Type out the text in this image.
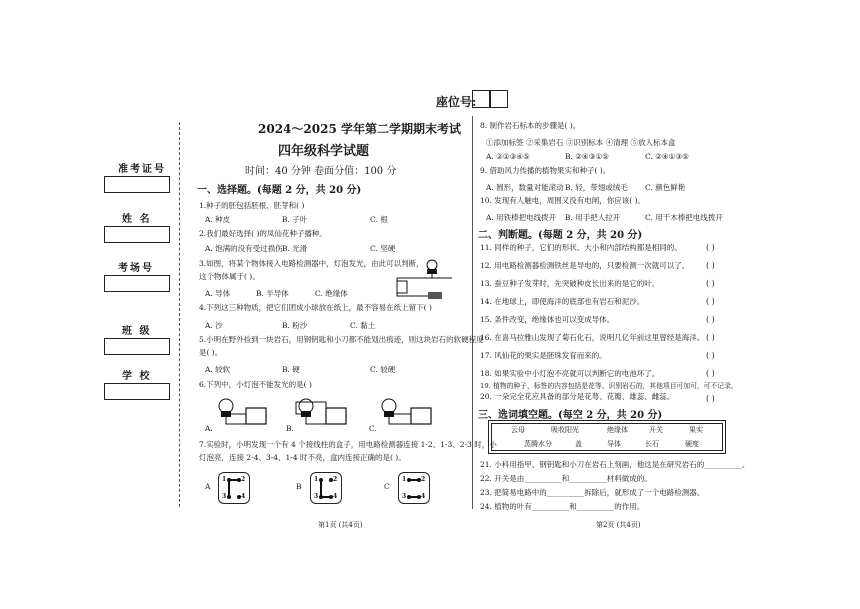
座位号:
2024～2025 学年第二学期期末考试
四年级科学试题
时间：40 分钟 卷面分值：100 分
准考证号
姓 名
考场号
班 级
学 校
一、选择题。(每题 2 分，共 20 分)
1.种子的胚包括胚根、胚芽和( )
A. 种皮	B. 子叶	C. 根
2.我们最好选择( )的凤仙花种子播种。
A. 饱满的没有受过损伤 B. 光滑	C. 坚硬
3.如图，将某个物体接入电路检测器中，灯泡发光，由此可以判断，
这个物体属于( )。
A. 导体	B. 半导体	C. 绝缘体
4.下列这三种物质，把它们团成小球放在纸上，最不容易在纸上留下( )
A. 沙	B. 粉沙	C. 黏土
5.小明在野外捡到一块岩石，用钢钥匙和小刀都不能划出痕迹，则这块岩石的软硬程度
是( )。
A. 较软	B. 硬	C. 较硬
6.下列中，小灯泡不能发光的是( )
A.	B.	C.
7.实验时，小明发现一个有 4 个接线柱的盒子，用电路检测器连接 1-2、1-3、2-3 时，小
灯泡亮，连接 2-4、3-4、1-4 时不亮，盒内连接正确的是( )。
A
1 2
3 4
B
1 2
3 4
C
1 2
3 4
第1页 (共4页)
8. 制作岩石标本的步骤是( )。
①添加标签 ②采集岩石 ③识别标本 ④清理 ⑤放入标本盒
A. ②①③④⑤	B. ②④③①⑤	C. ②④①③⑤
9. 借助风力传播的植物果实和种子( )。
A. 圆形，数量对能滚动 B. 轻，带翅或绒毛 C. 颜色鲜艳
10. 发现有人触电，周围又没有电闸，你应该( )。
A. 用铁棒把电线拨开 B. 用手把人拉开	C. 用干木棒把电线拨开
二、判断题。(每题 2 分，共 20 分)
11. 同样的种子，它们的形状、大小和内部结构都是相同的。	( )
12. 用电路检测器检测铁丝是导电的，只要检测一次就可以了。 ( )
13. 蚕豆种子发芽时，先突破种皮长出来的是它的叶。	( )
14. 在地球上，即使海洋的底部也有岩石和泥沙。	( )
15. 条件改变，绝缘体也可以变成导体。	( )
16. 在喜马拉雅山发现了菊石化石，说明几亿年前这里曾经是海洋。 ( )
17. 风仙花的果实是胚珠发育而来的。	( )
18. 如果实验中小灯泡不亮就可以判断它的电池坏了。	( )
19. 植物的种子，标签的内容包括是花等、识别岩石的，其他项目可加可，可不记录。
( )
20. 一朵完全花应具备的部分是花萼、花瓣、雄蕊、雌蕊。
三、选词填空题。(每空 2 分，共 20 分)
云母	吸收阳光	绝缘体	开关	果实
蒸腾水分	盖	导体	长石	硬度
21. 小科用指甲、钢钥匙和小刀在岩石上刻画，他这是在研究岩石的__________。
22. 开关是由__________和__________材料做成的。
23. 把简易电路中的__________拆除后，就形成了一个电路检测器。
24. 植物的叶有__________和__________的作用。
第2页 (共4页)
